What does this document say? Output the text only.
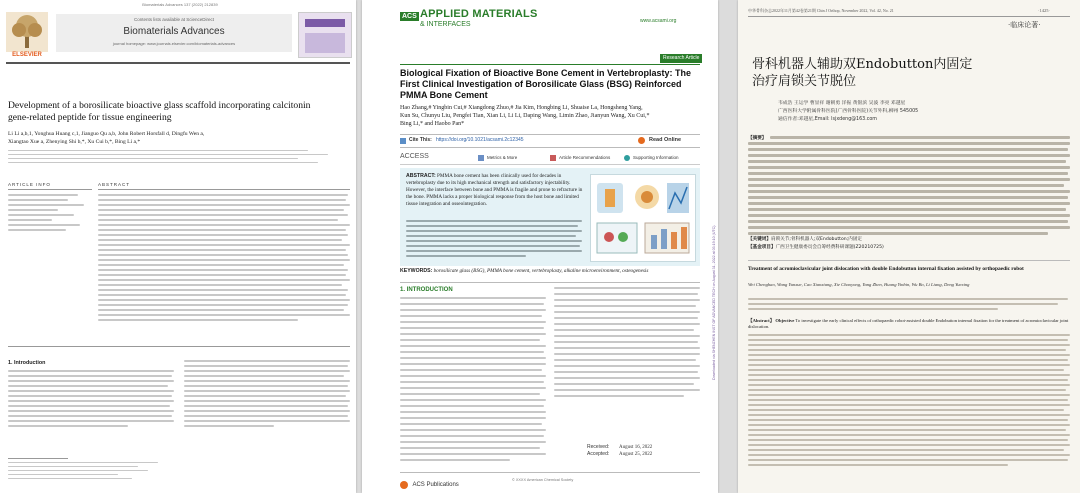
Biomaterials Advances 137 (2022) 212839
ELSEVIER
Contents lists available at ScienceDirect
Biomaterials Advances
journal homepage: www.journals.elsevier.com/biomaterials-advances
Development of a borosilicate bioactive glass scaffold incorporating calcitonin gene-related peptide for tissue engineering
Li Li a,b,1, Yonghua Huang c,1, Jianguo Qu a,b, John Robert Horsfall d, Dingfu Wen a,
Xiangtao Xue a, Zhenying Shi b,*, Xu Cui b,*, Bing Li a,*
ARTICLE INFO	ABSTRACT
1. Introduction	Downloaded via SHENZHEN INST OF ADVANCED TECH on August 31, 2022 at 03:19:10 (UTC).
ACS APPLIED MATERIALS
& INTERFACES	www.acsami.org
Research Article
Biological Fixation of Bioactive Bone Cement in Vertebroplasty: The First Clinical Investigation of Borosilicate Glass (BSG) Reinforced PMMA Bone Cement
Hao Zhang,# Yingbin Cui,# Xiangdong Zhuo,# Jia Kim, Hongbing Li, Shuaise La, Hongsheng Yang,
Kun Su, Chunyu Liu, Pengfei Tian, Xian Li, Li Li, Daping Wang, Limin Zhao, Jianyun Wang, Xu Cui,*
Bing Li,* and Haobo Pan*
Cite This: https://doi.org/10.1021/acsami.2c12345	Read Online
ACCESS	Metrics & More	Article Recommendations	Supporting Information
ABSTRACT: PMMA bone cement has been clinically used for decades in vertebroplasty due to its high mechanical strength and satisfactory injectability. However, the interface between bone and PMMA is fragile and prone to refracture in the bone. PMMA lacks a proper biological response from the host bone and limited tissue integration and osseointegration.
KEYWORDS: borosilicate glass (BSG), PMMA bone cement, vertebroplasty, alkaline microenvironment, osteogenesis
1. INTRODUCTION
Received: August 16, 2022
Accepted: August 25, 2022
ACS Publications
© XXXX American Chemical Society
中华骨科杂志2022年11月第42卷第21期 Chin J Orthop, November 2022, Vol. 42, No. 21	·1425·
·临床论著·
骨科机器人辅助双Endobutton内固定
治疗肩锁关节脱位
韦成浩 王运学 曹显祥 谢朝勇 洋振 黄银滨 吴波 李亮 邓越星
广西医科大学附属骨科医院(广西骨科医院)关节外科,柳州 545005
通信作者:邓越星,Email: lsjxdeng@163.com
【摘要】
【关键词】肩锁关节;骨科机器人;双Endobutton;内固定
【基金项目】广西卫生健康委员会自筹经费科研课题(Z20210725)
Treatment of acromioclavicular joint dislocation with double Endobutton internal fixation assisted by orthopaedic robot
Wei Chenghao, Wang Yunxue, Cao Xianxiang, Xie Chaoyong, Yang Zhen, Huang Yinbin, Wu Bo, Li Liang, Deng Yuexing
【Abstract】 Objective To investigate the early clinical effects of orthopaedic robot-assisted double Endobutton internal fixation for the treatment of acromioclavicular joint dislocation.
